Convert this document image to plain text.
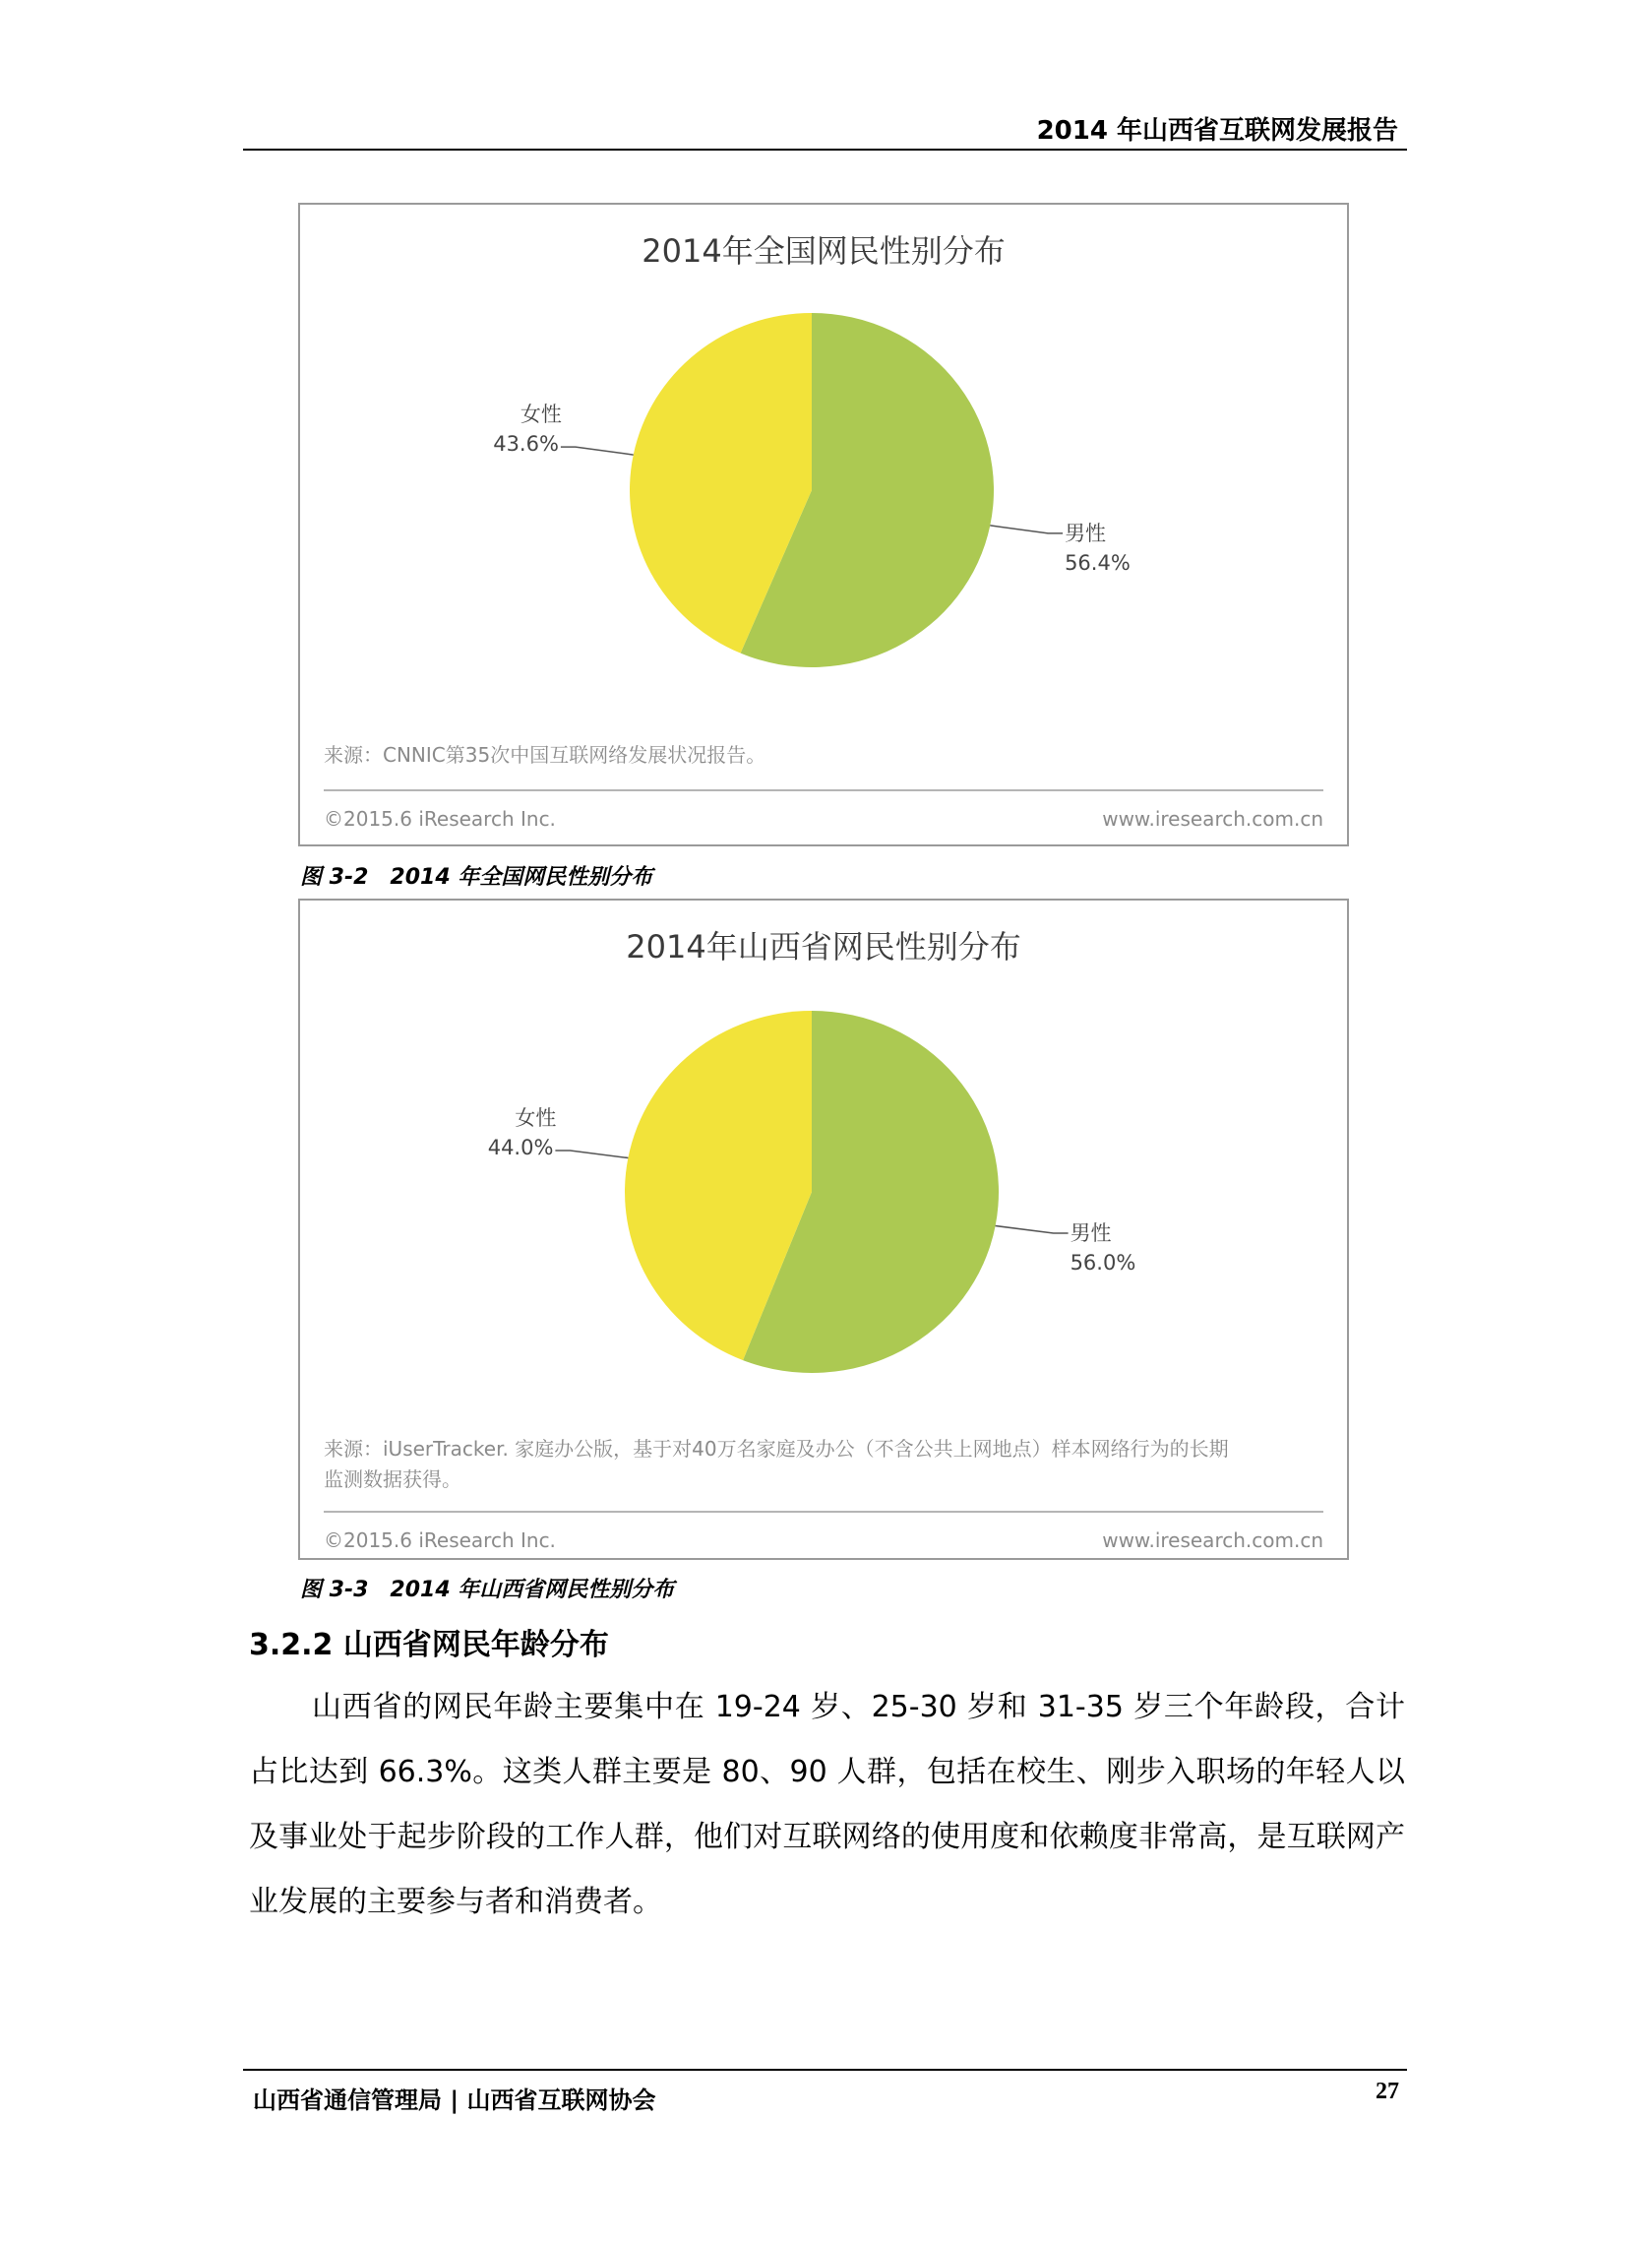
2014 年山西省互联网发展报告
2014年全国网民性别分布
男性
56.4%
女性
43.6%
来源：CNNIC第35次中国互联网络发展状况报告。
©2015.6 iResearch Inc.	www.iresearch.com.cn
图 3-2　2014 年全国网民性别分布
2014年山西省网民性别分布
男性
56.0%
女性
44.0%
来源：iUserTracker. 家庭办公版，基于对40万名家庭及办公（不含公共上网地点）样本网络行为的长期
监测数据获得。
©2015.6 iResearch Inc.	www.iresearch.com.cn
图 3-3　2014 年山西省网民性别分布
3.2.2 山西省网民年龄分布

山西省的网民年龄主要集中在 19-24 岁、25-30 岁和 31-35 岁三个年龄段，合计占比达到 66.3%。这类人群主要是 80、90 人群，包括在校生、刚步入职场的年轻人以及事业处于起步阶段的工作人群，他们对互联网络的使用度和依赖度非常高，是互联网产业发展的主要参与者和消费者。

山西省通信管理局 | 山西省互联网协会	27
